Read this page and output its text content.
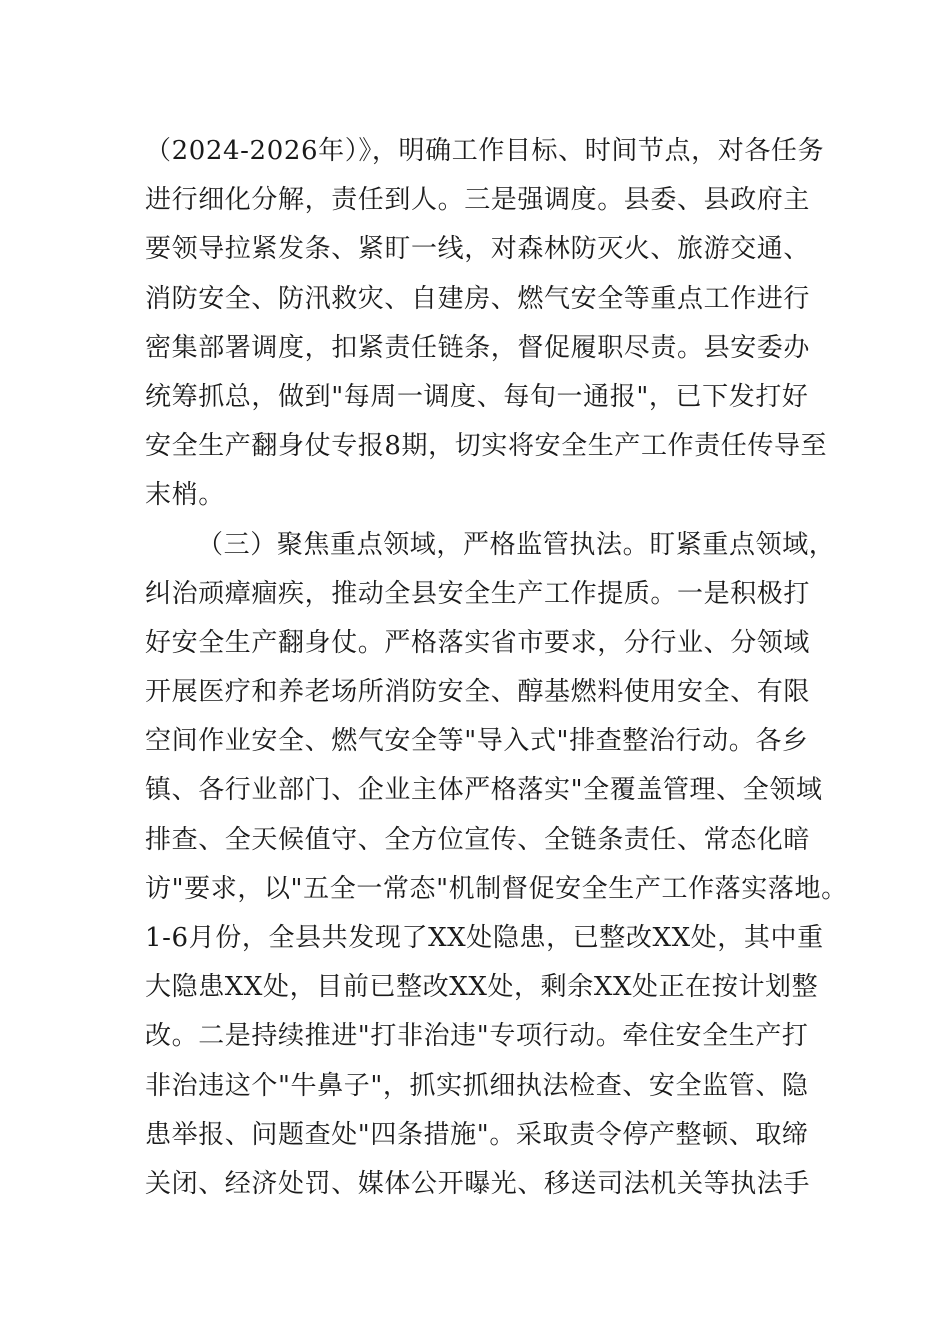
（2024-2026年）》，明确工作目标、时间节点，对各任务
进行细化分解，责任到人。三是强调度。县委、县政府主
要领导拉紧发条、紧盯一线，对森林防灭火、旅游交通、
消防安全、防汛救灾、自建房、燃气安全等重点工作进行
密集部署调度，扣紧责任链条，督促履职尽责。县安委办
统筹抓总，做到"每周一调度、每旬一通报"，已下发打好
安全生产翻身仗专报8期，切实将安全生产工作责任传导至
末梢。
（三）聚焦重点领域，严格监管执法。盯紧重点领域，
纠治顽瘴痼疾，推动全县安全生产工作提质。一是积极打
好安全生产翻身仗。严格落实省市要求，分行业、分领域
开展医疗和养老场所消防安全、醇基燃料使用安全、有限
空间作业安全、燃气安全等"导入式"排查整治行动。各乡
镇、各行业部门、企业主体严格落实"全覆盖管理、全领域
排查、全天候值守、全方位宣传、全链条责任、常态化暗
访"要求，以"五全一常态"机制督促安全生产工作落实落地。
1-6月份，全县共发现了XX处隐患，已整改XX处，其中重
大隐患XX处，目前已整改XX处，剩余XX处正在按计划整
改。二是持续推进"打非治违"专项行动。牵住安全生产打
非治违这个"牛鼻子"，抓实抓细执法检查、安全监管、隐
患举报、问题查处"四条措施"。采取责令停产整顿、取缔
关闭、经济处罚、媒体公开曝光、移送司法机关等执法手
